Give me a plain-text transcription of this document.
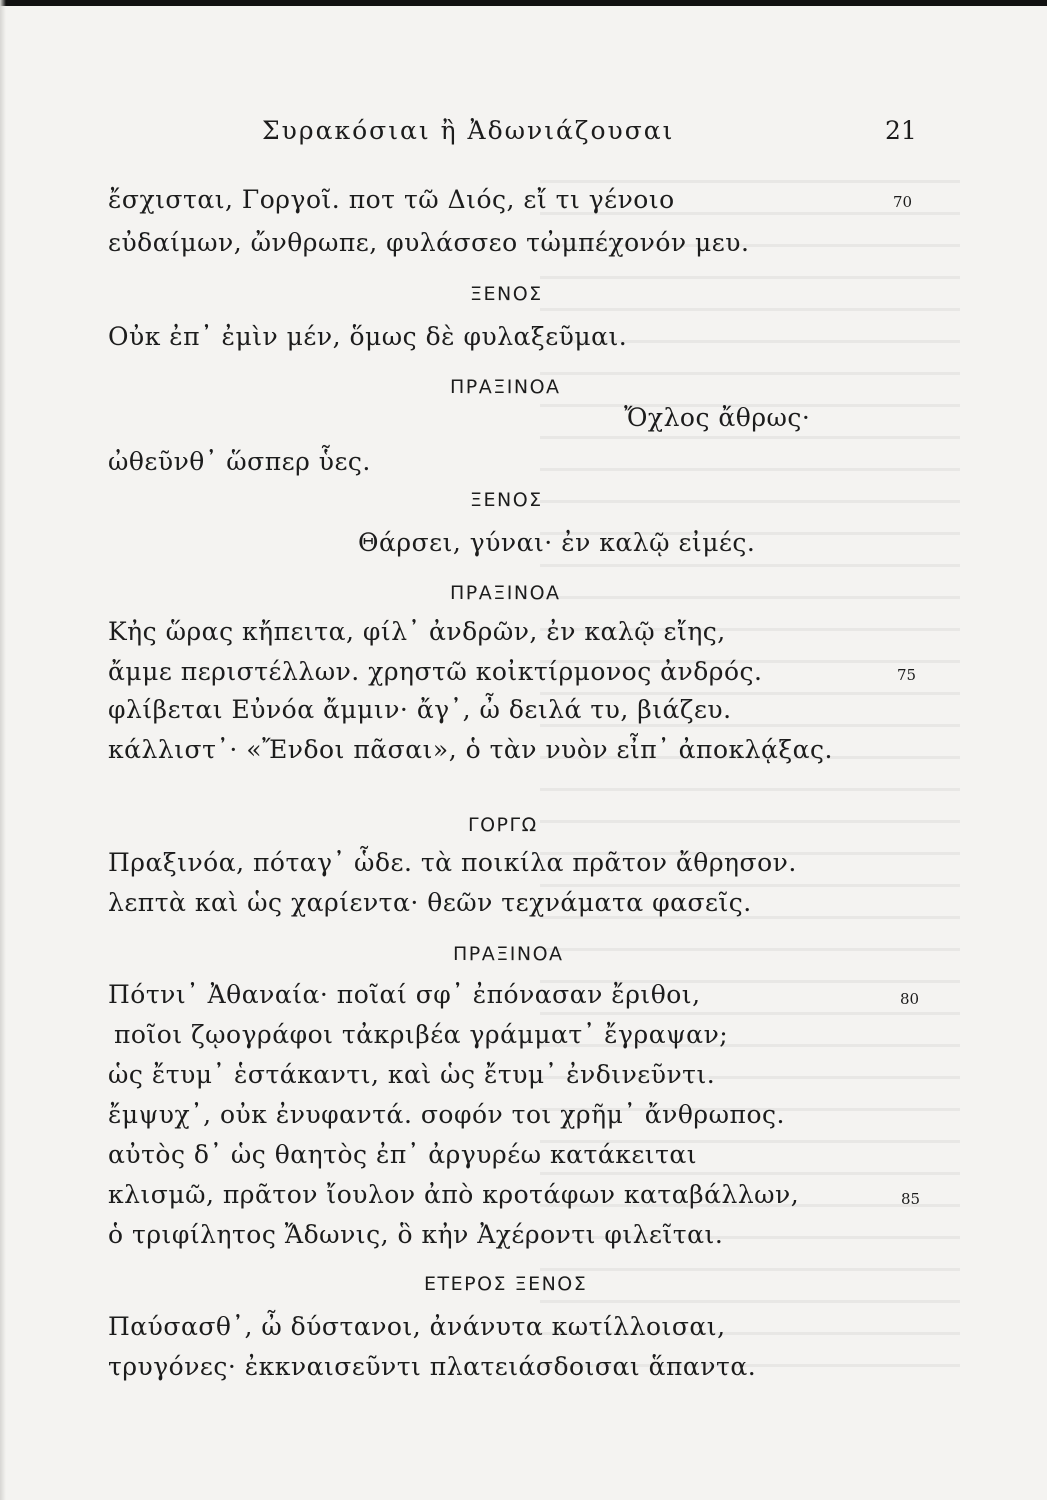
Συρακόσιαι ἢ Ἀδωνιάζουσαι	21
ἔσχισται, Γοργοῖ. ποτ τῶ Διός, εἴ τι γένοιο	70
εὐδαίμων, ὤνθρωπε, φυλάσσεο τὠμπέχονόν μευ.
ΞΕΝΟΣ
Οὐκ ἐπ᾽ ἐμὶν μέν, ὅμως δὲ φυλαξεῦμαι.
ΠΡΑΞΙΝΟΑ
Ὄχλος ἄθρως·
ὠθεῦνθ᾽ ὥσπερ ὗες.
ΞΕΝΟΣ
Θάρσει, γύναι· ἐν καλῷ εἰμές.
ΠΡΑΞΙΝΟΑ
Κἠς ὥρας κἤπειτα, φίλ᾽ ἀνδρῶν, ἐν καλῷ εἴης,
ἄμμε περιστέλλων. χρηστῶ κοἰκτίρμονος ἀνδρός.	75
φλίβεται Εὐνόα ἄμμιν· ἄγ᾽, ὦ δειλά τυ, βιάζευ.
κάλλιστ᾽· «Ἔνδοι πᾶσαι», ὁ τὰν νυὸν εἶπ᾽ ἀποκλᾴξας.
ΓΟΡΓΩ
Πραξινόα, πόταγ᾽ ὧδε. τὰ ποικίλα πρᾶτον ἄθρησον.
λεπτὰ καὶ ὡς χαρίεντα· θεῶν τεχνάματα φασεῖς.
ΠΡΑΞΙΝΟΑ
Πότνι᾽ Ἀθαναία· ποῖαί σφ᾽ ἐπόνασαν ἔριθοι,	80
ποῖοι ζῳογράφοι τἀκριβέα γράμματ᾽ ἔγραψαν;
ὡς ἔτυμ᾽ ἑστάκαντι, καὶ ὡς ἔτυμ᾽ ἐνδινεῦντι.
ἔμψυχ᾽, οὐκ ἐνυφαντά. σοφόν τοι χρῆμ᾽ ἄνθρωπος.
αὐτὸς δ᾽ ὡς θαητὸς ἐπ᾽ ἀργυρέω κατάκειται
κλισμῶ, πρᾶτον ἴουλον ἀπὸ κροτάφων καταβάλλων,	85
ὁ τριφίλητος Ἄδωνις, ὃ κἠν Ἀχέροντι φιλεῖται.
ΕΤΕΡΟΣ ΞΕΝΟΣ
Παύσασθ᾽, ὦ δύστανοι, ἀνάνυτα κωτίλλοισαι,
τρυγόνες· ἐκκναισεῦντι πλατειάσδοισαι ἅπαντα.
